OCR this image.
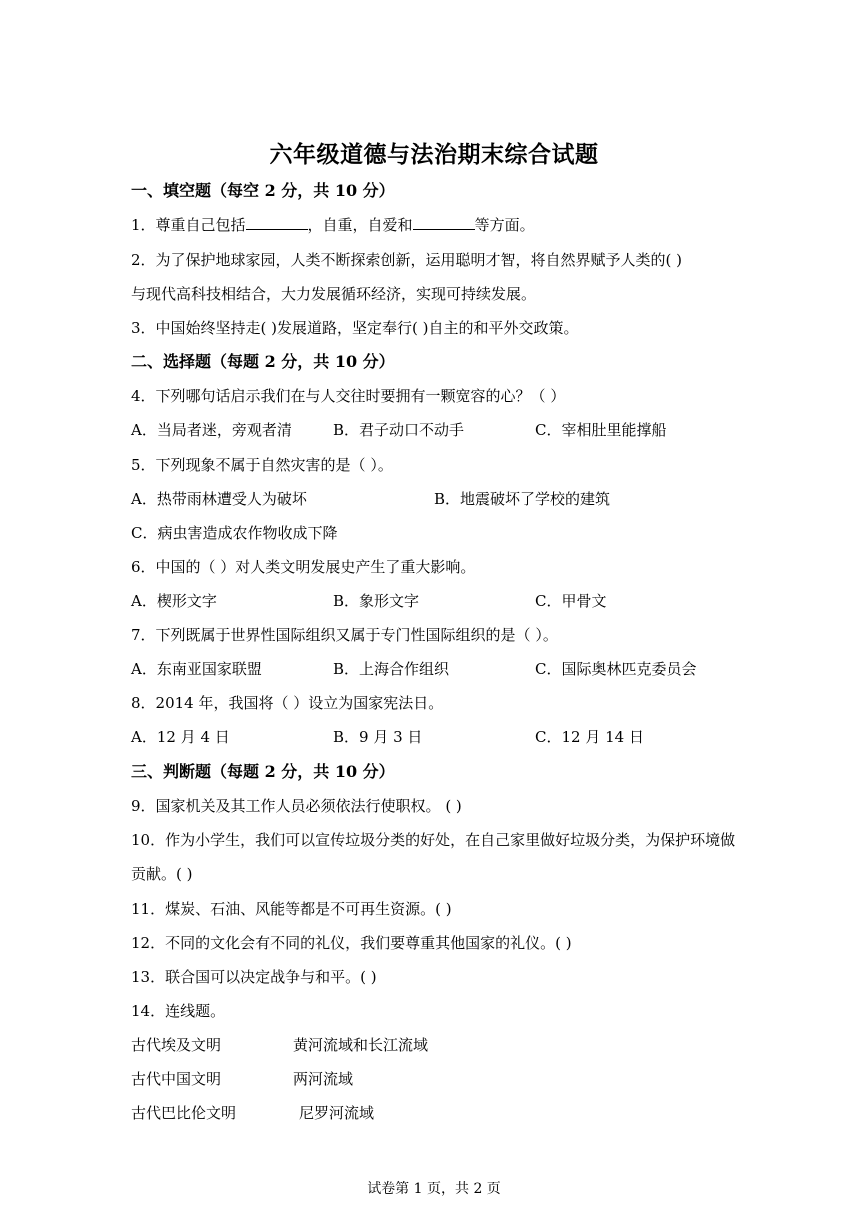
六年级道德与法治期末综合试题
一、填空题（每空 2 分，共 10 分）
1．尊重自己包括	，自重，自爱和	等方面。
2．为了保护地球家园，人类不断探索创新，运用聪明才智，将自然界赋予人类的( )
与现代高科技相结合，大力发展循环经济，实现可持续发展。
3．中国始终坚持走( )发展道路，坚定奉行( )自主的和平外交政策。
二、选择题（每题 2 分，共 10 分）
4．下列哪句话启示我们在与人交往时要拥有一颗宽容的心？（ ）
A．当局者迷，旁观者清	B．君子动口不动手	C．宰相肚里能撑船
5．下列现象不属于自然灾害的是（ ）。
A．热带雨林遭受人为破坏	B．地震破坏了学校的建筑
C．病虫害造成农作物收成下降
6．中国的（ ）对人类文明发展史产生了重大影响。
A．楔形文字	B．象形文字	C．甲骨文
7．下列既属于世界性国际组织又属于专门性国际组织的是（ ）。
A．东南亚国家联盟	B．上海合作组织	C．国际奥林匹克委员会
8．2014 年，我国将（ ）设立为国家宪法日。
A．12 月 4 日	B．9 月 3 日	C．12 月 14 日
三、判断题（每题 2 分，共 10 分）
9．国家机关及其工作人员必须依法行使职权。 ( )
10．作为小学生，我们可以宣传垃圾分类的好处，在自己家里做好垃圾分类，为保护环境做
贡献。( )
11．煤炭、石油、风能等都是不可再生资源。( )
12．不同的文化会有不同的礼仪，我们要尊重其他国家的礼仪。( )
13．联合国可以决定战争与和平。( )
14．连线题。
古代埃及文明	黄河流域和长江流域
古代中国文明	两河流域
古代巴比伦文明	尼罗河流域
试卷第 1 页，共 2 页
